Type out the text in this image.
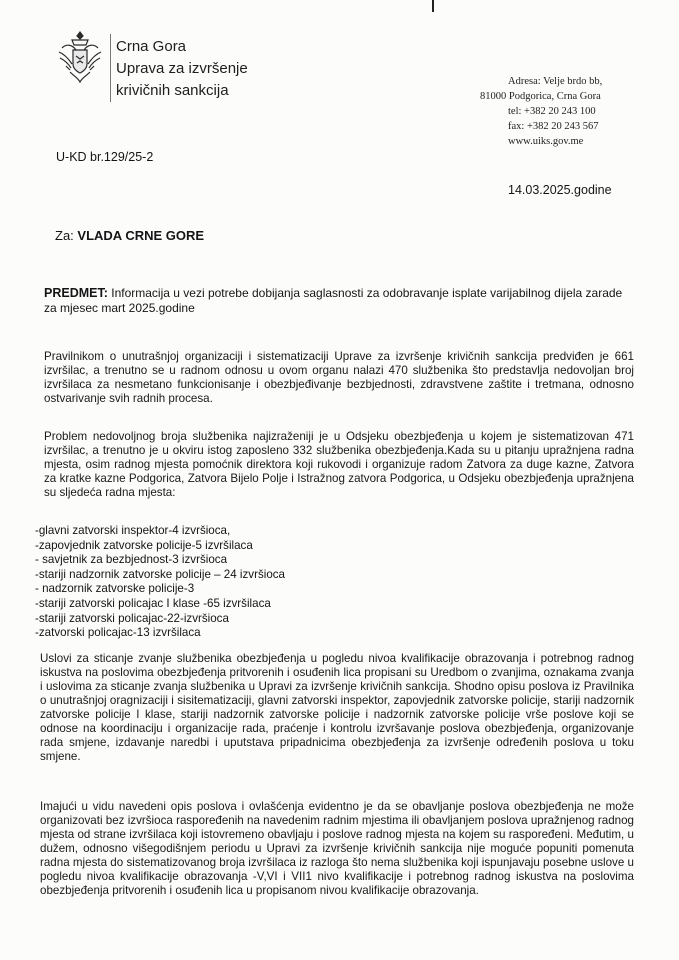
Crna Gora
Uprava za izvršenje
krivičnih sankcija
Adresa: Velje brdo bb,
81000 Podgorica, Crna Gora
tel: +382 20 243 100
fax: +382 20 243 567
www.uiks.gov.me
U-KD br.129/25-2
14.03.2025.godine
Za: VLADA CRNE GORE
PREDMET: Informacija u vezi potrebe dobijanja saglasnosti za odobravanje isplate varijabilnog dijela zarade za mjesec mart 2025.godine
Pravilnikom o unutrašnjoj organizaciji i sistematizaciji Uprave za izvršenje krivičnih sankcija predviđen je 661 izvršilac, a trenutno se u radnom odnosu u ovom organu nalazi 470 službenika što predstavlja nedovoljan broj izvršilaca za nesmetano funkcionisanje i obezbjeđivanje bezbjednosti, zdravstvene zaštite i tretmana, odnosno ostvarivanje svih radnih procesa.
Problem nedovoljnog broja službenika najizraženiji je u Odsjeku obezbjeđenja u kojem je sistematizovan 471 izvršilac, a trenutno je u okviru istog zaposleno 332 službenika obezbjeđenja.Kada su u pitanju upražnjena radna mjesta, osim radnog mjesta pomoćnik direktora koji rukovodi i organizuje radom Zatvora za duge kazne, Zatvora za kratke kazne Podgorica, Zatvora Bijelo Polje i Istražnog zatvora Podgorica, u Odsjeku obezbjeđenja upražnjena su sljedeća radna mjesta:
-glavni zatvorski inspektor-4 izvršioca,
-zapovjednik zatvorske policije-5 izvršilaca
- savjetnik za bezbjednost-3 izvršioca
-stariji nadzornik zatvorske policije – 24 izvršioca
- nadzornik zatvorske policije-3
-stariji zatvorski policajac I klase -65 izvršilaca
-stariji zatvorski policajac-22-izvršioca
-zatvorski policajac-13 izvršilaca
Uslovi za sticanje zvanje službenika obezbjeđenja u pogledu nivoa kvalifikacije obrazovanja i potrebnog radnog iskustva na poslovima obezbjeđenja pritvorenih i osuđenih lica propisani su Uredbom o zvanjima, oznakama zvanja i uslovima za sticanje zvanja službenika u Upravi za izvršenje krivičnih sankcija. Shodno opisu poslova iz Pravilnika o unutrašnjoj oragnizaciji i sisitematizaciji, glavni zatvorski inspektor, zapovjednik zatvorske policije, stariji nadzornik zatvorske policije I klase, stariji nadzornik zatvorske policije i nadzornik zatvorske policije vrše poslove koji se odnose na koordinaciju i organizacije rada, praćenje i kontrolu izvršavanje poslova obezbjeđenja, organizovanje rada smjene, izdavanje naredbi i uputstava pripadnicima obezbjeđenja za izvršenje određenih poslova u toku smjene.
Imajući u vidu navedeni opis poslova i ovlašćenja evidentno je da se obavljanje poslova obezbjeđenja ne može organizovati bez izvršioca raspoređenih na navedenim radnim mjestima ili obavljanjem poslova upražnjenog radnog mjesta od strane izvršilaca koji istovremeno obavljaju i poslove radnog mjesta na kojem su raspoređeni. Međutim, u dužem, odnosno višegodišnjem periodu u Upravi za izvršenje krivičnih sankcija nije moguće popuniti pomenuta radna mjesta do sistematizovanog broja izvršilaca iz razloga što nema službenika koji ispunjavaju posebne uslove u pogledu nivoa kvalifikacije obrazovanja -V,VI i VII1 nivo kvalifikacije i potrebnog radnog iskustva na poslovima obezbjeđenja pritvorenih i osuđenih lica u propisanom nivou kvalifikacije obrazovanja.
